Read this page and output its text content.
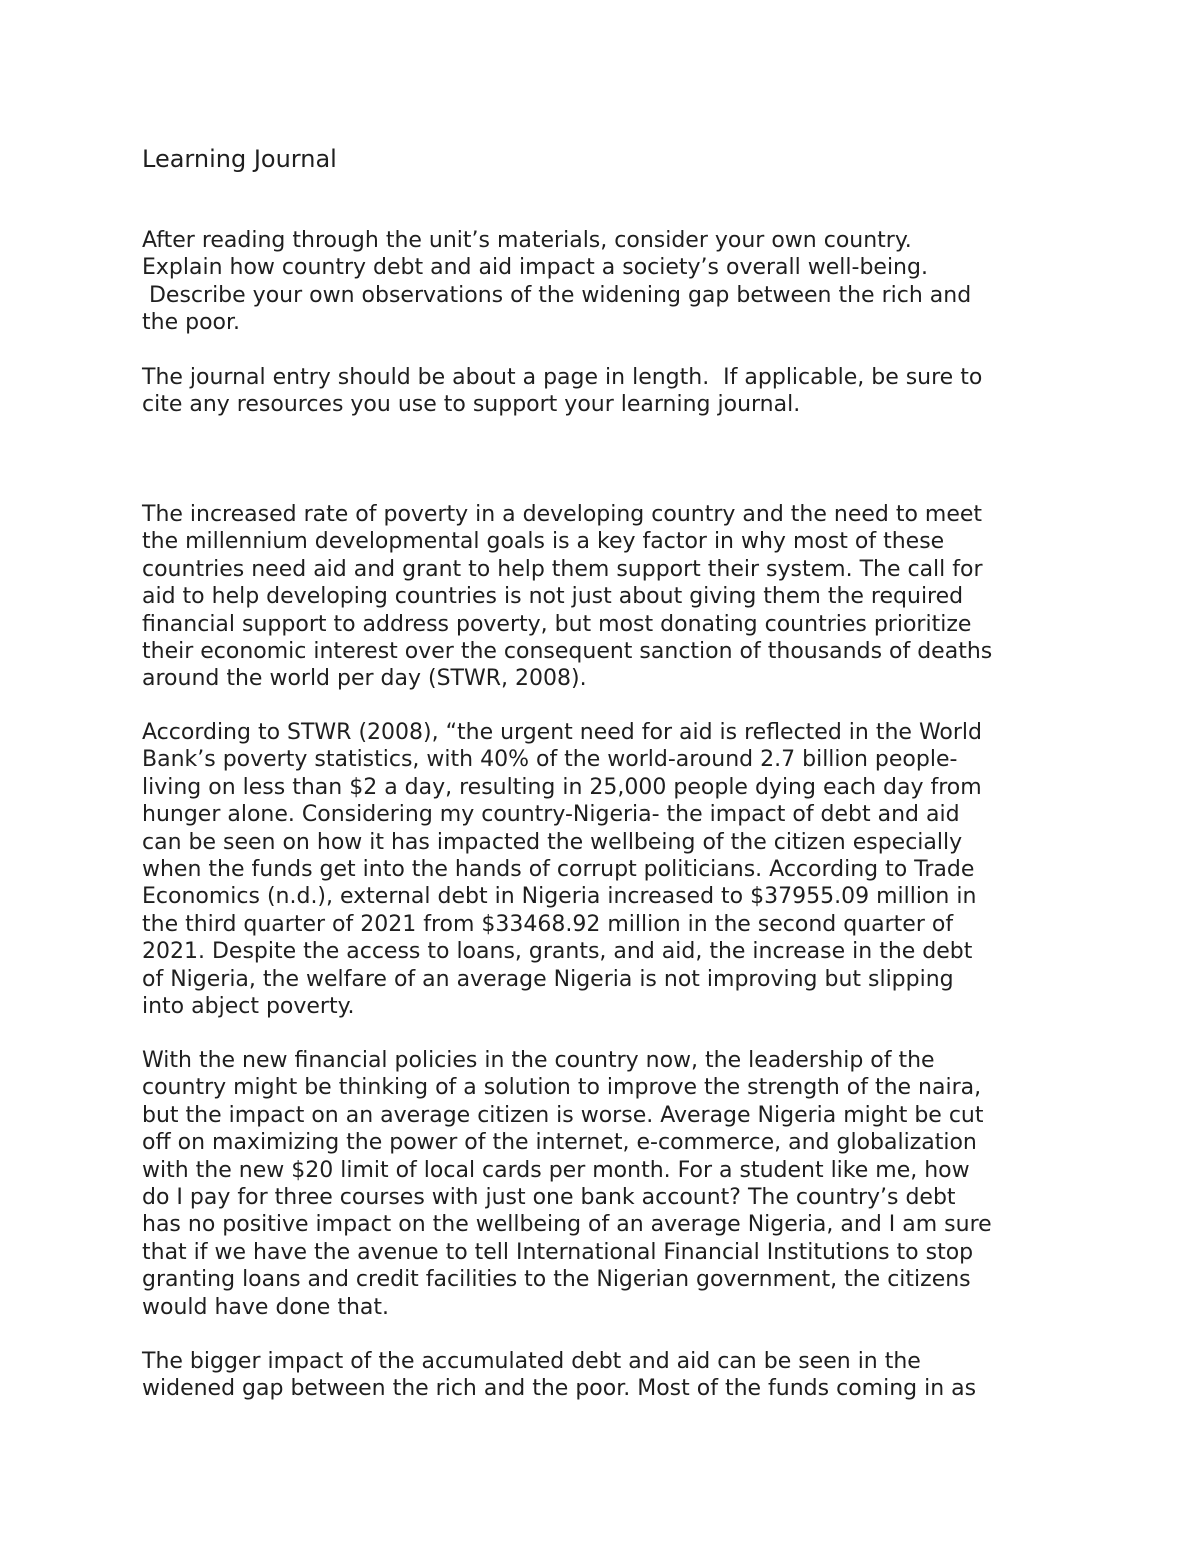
Learning Journal
After reading through the unit’s materials, consider your own country.
Explain how country debt and aid impact a society’s overall well-being.
Describe your own observations of the widening gap between the rich and
the poor.
The journal entry should be about a page in length.  If applicable, be sure to
cite any resources you use to support your learning journal.
The increased rate of poverty in a developing country and the need to meet
the millennium developmental goals is a key factor in why most of these
countries need aid and grant to help them support their system. The call for
aid to help developing countries is not just about giving them the required
financial support to address poverty, but most donating countries prioritize
their economic interest over the consequent sanction of thousands of deaths
around the world per day (STWR, 2008).
According to STWR (2008), “the urgent need for aid is reflected in the World
Bank’s poverty statistics, with 40% of the world-around 2.7 billion people-
living on less than $2 a day, resulting in 25,000 people dying each day from
hunger alone. Considering my country-Nigeria- the impact of debt and aid
can be seen on how it has impacted the wellbeing of the citizen especially
when the funds get into the hands of corrupt politicians. According to Trade
Economics (n.d.), external debt in Nigeria increased to $37955.09 million in
the third quarter of 2021 from $33468.92 million in the second quarter of
2021. Despite the access to loans, grants, and aid, the increase in the debt
of Nigeria, the welfare of an average Nigeria is not improving but slipping
into abject poverty.
With the new financial policies in the country now, the leadership of the
country might be thinking of a solution to improve the strength of the naira,
but the impact on an average citizen is worse. Average Nigeria might be cut
off on maximizing the power of the internet, e-commerce, and globalization
with the new $20 limit of local cards per month. For a student like me, how
do I pay for three courses with just one bank account? The country’s debt
has no positive impact on the wellbeing of an average Nigeria, and I am sure
that if we have the avenue to tell International Financial Institutions to stop
granting loans and credit facilities to the Nigerian government, the citizens
would have done that.
The bigger impact of the accumulated debt and aid can be seen in the
widened gap between the rich and the poor. Most of the funds coming in as
